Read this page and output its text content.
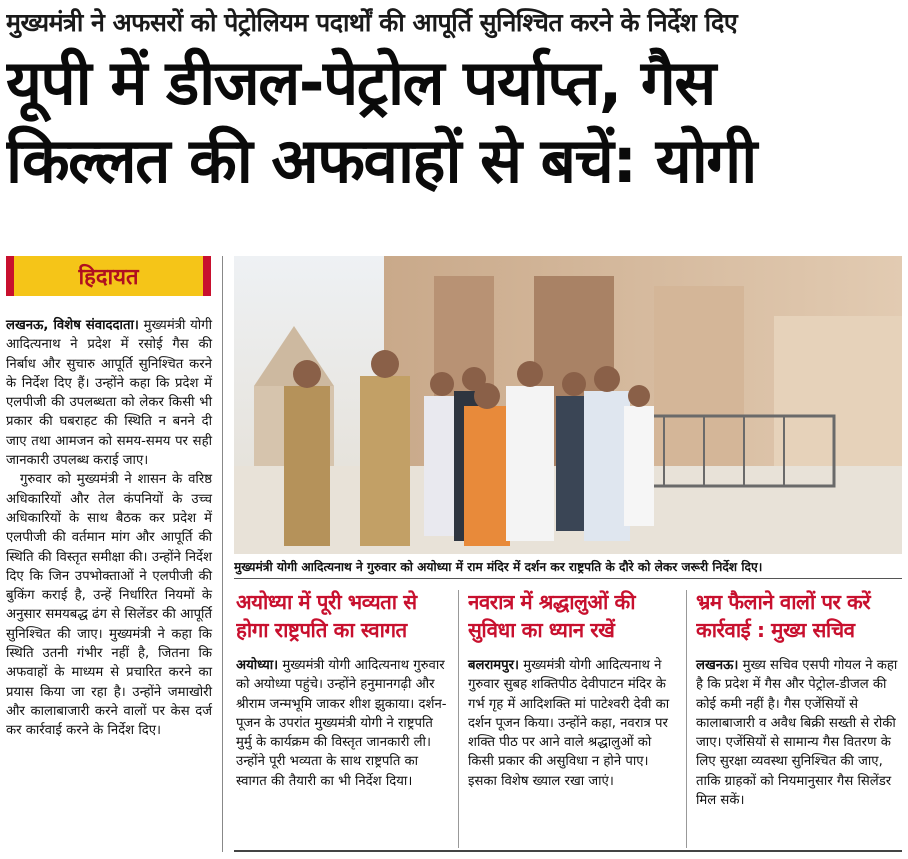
मुख्यमंत्री ने अफसरों को पेट्रोलियम पदार्थों की आपूर्ति सुनिश्चित करने के निर्देश दिए
यूपी में डीजल-पेट्रोल पर्याप्त, गैस
किल्लत की अफवाहों से बचें: योगी
हिदायत

लखनऊ, विशेष संवाददाता। मुख्यमंत्री योगी आदित्यनाथ ने प्रदेश में रसोई गैस की निर्बाध और सुचारु आपूर्ति सुनिश्चित करने के निर्देश दिए हैं। उन्होंने कहा कि प्रदेश में एलपीजी की उपलब्धता को लेकर किसी भी प्रकार की घबराहट की स्थिति न बनने दी जाए तथा आमजन को समय-समय पर सही जानकारी उपलब्ध कराई जाए।

गुरुवार को मुख्यमंत्री ने शासन के वरिष्ठ अधिकारियों और तेल कंपनियों के उच्च अधिकारियों के साथ बैठक कर प्रदेश में एलपीजी की वर्तमान मांग और आपूर्ति की स्थिति की विस्तृत समीक्षा की। उन्होंने निर्देश दिए कि जिन उपभोक्ताओं ने एलपीजी की बुकिंग कराई है, उन्हें निर्धारित नियमों के अनुसार समयबद्ध ढंग से सिलेंडर की आपूर्ति सुनिश्चित की जाए। मुख्यमंत्री ने कहा कि स्थिति उतनी गंभीर नहीं है, जितना कि अफवाहों के माध्यम से प्रचारित करने का प्रयास किया जा रहा है। उन्होंने जमाखोरी और कालाबाजारी करने वालों पर केस दर्ज कर कार्रवाई करने के निर्देश दिए।

मुख्यमंत्री योगी आदित्यनाथ ने गुरुवार को अयोध्या में राम मंदिर में दर्शन कर राष्ट्रपति के दौरे को लेकर जरूरी निर्देश दिए।
अयोध्या में पूरी भव्यता से होगा राष्ट्रपति का स्वागत
अयोध्या। मुख्यमंत्री योगी आदित्यनाथ गुरुवार को अयोध्या पहुंचे। उन्होंने हनुमानगढ़ी और श्रीराम जन्मभूमि जाकर शीश झुकाया। दर्शन-पूजन के उपरांत मुख्यमंत्री योगी ने राष्ट्रपति मुर्मु के कार्यक्रम की विस्तृत जानकारी ली। उन्होंने पूरी भव्यता के साथ राष्ट्रपति का स्वागत की तैयारी का भी निर्देश दिया।
नवरात्र में श्रद्धालुओं की सुविधा का ध्यान रखें
बलरामपुर। मुख्यमंत्री योगी आदित्यनाथ ने गुरुवार सुबह शक्तिपीठ देवीपाटन मंदिर के गर्भ गृह में आदिशक्ति मां पाटेश्वरी देवी का दर्शन पूजन किया। उन्होंने कहा, नवरात्र पर शक्ति पीठ पर आने वाले श्रद्धालुओं को किसी प्रकार की असुविधा न होने पाए। इसका विशेष ख्याल रखा जाएं।
भ्रम फैलाने वालों पर करें कार्रवाई : मुख्य सचिव
लखनऊ। मुख्य सचिव एसपी गोयल ने कहा है कि प्रदेश में गैस और पेट्रोल-डीजल की कोई कमी नहीं है। गैस एजेंसियों से कालाबाजारी व अवैध बिक्री सख्ती से रोकी जाए। एजेंसियों से सामान्य गैस वितरण के लिए सुरक्षा व्यवस्था सुनिश्चित की जाए, ताकि ग्राहकों को नियमानुसार गैस सिलेंडर मिल सकें।
